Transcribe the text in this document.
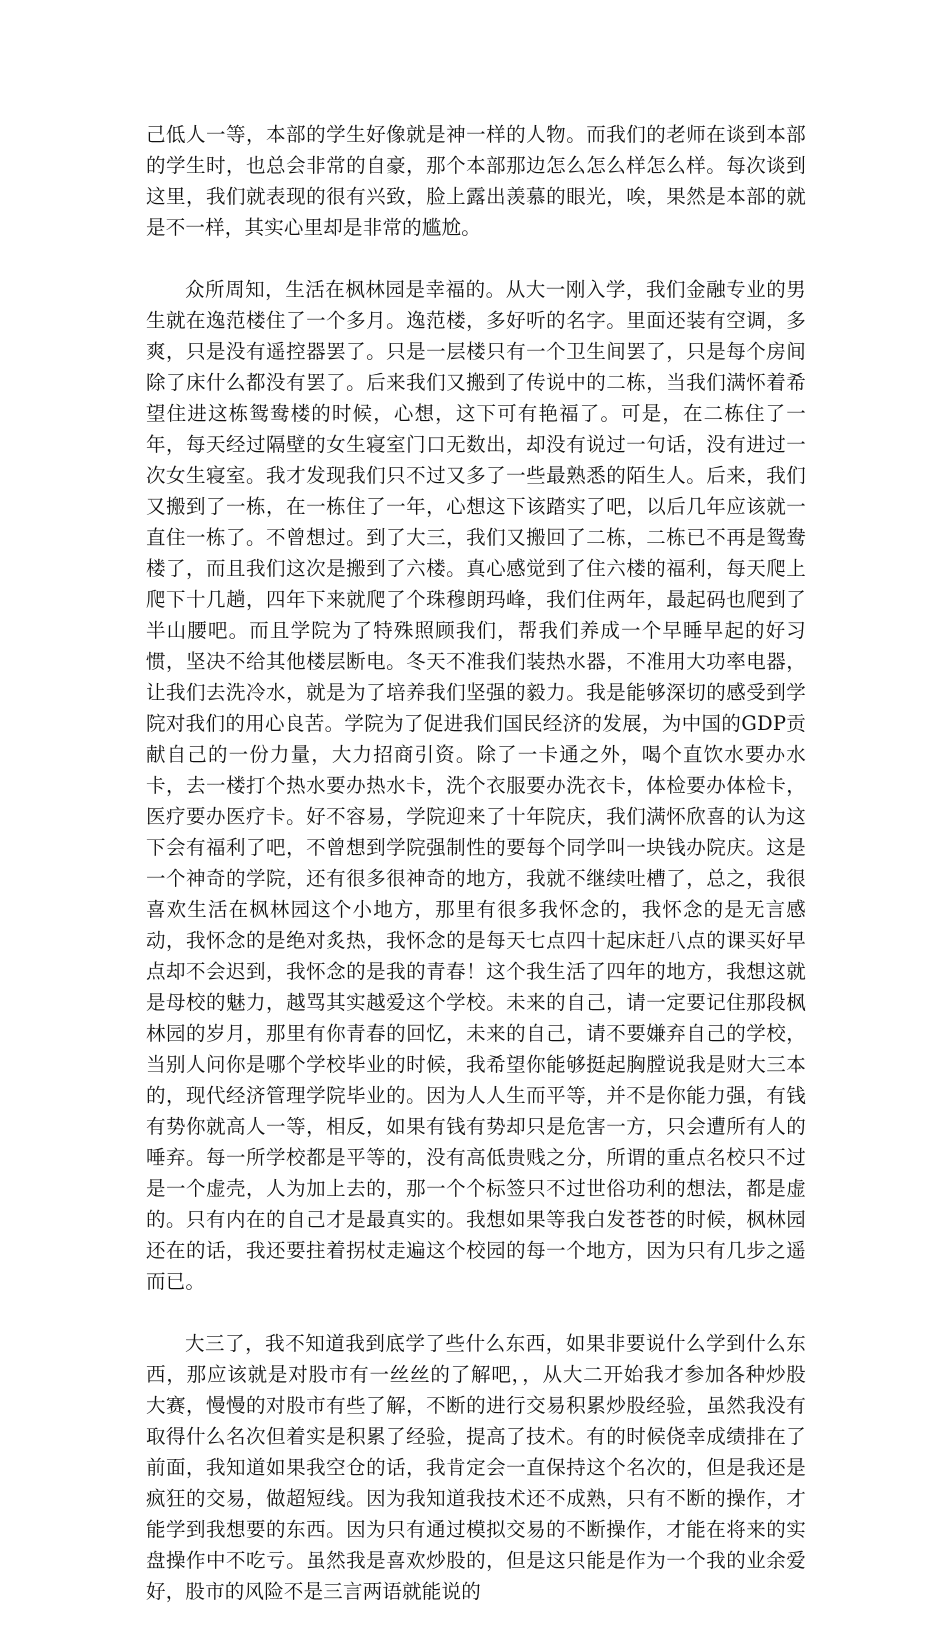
己低人一等，本部的学生好像就是神一样的人物。而我们的老师在谈到本部的学生时，也总会非常的自豪，那个本部那边怎么怎么样怎么样。每次谈到这里，我们就表现的很有兴致，脸上露出羡慕的眼光，唉，果然是本部的就是不一样，其实心里却是非常的尴尬。

众所周知，生活在枫林园是幸福的。从大一刚入学，我们金融专业的男生就在逸范楼住了一个多月。逸范楼，多好听的名字。里面还装有空调，多爽，只是没有遥控器罢了。只是一层楼只有一个卫生间罢了，只是每个房间除了床什么都没有罢了。后来我们又搬到了传说中的二栋，当我们满怀着希望住进这栋鸳鸯楼的时候，心想，这下可有艳福了。可是，在二栋住了一年，每天经过隔壁的女生寝室门口无数出，却没有说过一句话，没有进过一次女生寝室。我才发现我们只不过又多了一些最熟悉的陌生人。后来，我们又搬到了一栋，在一栋住了一年，心想这下该踏实了吧，以后几年应该就一直住一栋了。不曾想过。到了大三，我们又搬回了二栋，二栋已不再是鸳鸯楼了，而且我们这次是搬到了六楼。真心感觉到了住六楼的福利，每天爬上爬下十几趟，四年下来就爬了个珠穆朗玛峰，我们住两年，最起码也爬到了半山腰吧。而且学院为了特殊照顾我们，帮我们养成一个早睡早起的好习惯，坚决不给其他楼层断电。冬天不准我们装热水器，不准用大功率电器，让我们去洗冷水，就是为了培养我们坚强的毅力。我是能够深切的感受到学院对我们的用心良苦。学院为了促进我们国民经济的发展，为中国的GDP贡献自己的一份力量，大力招商引资。除了一卡通之外，喝个直饮水要办水卡，去一楼打个热水要办热水卡，洗个衣服要办洗衣卡，体检要办体检卡，医疗要办医疗卡。好不容易，学院迎来了十年院庆，我们满怀欣喜的认为这下会有福利了吧，不曾想到学院强制性的要每个同学叫一块钱办院庆。这是一个神奇的学院，还有很多很神奇的地方，我就不继续吐槽了，总之，我很喜欢生活在枫林园这个小地方，那里有很多我怀念的，我怀念的是无言感动，我怀念的是绝对炙热，我怀念的是每天七点四十起床赶八点的课买好早点却不会迟到，我怀念的是我的青春！这个我生活了四年的地方，我想这就是母校的魅力，越骂其实越爱这个学校。未来的自己，请一定要记住那段枫林园的岁月，那里有你青春的回忆，未来的自己，请不要嫌弃自己的学校，当别人问你是哪个学校毕业的时候，我希望你能够挺起胸膛说我是财大三本的，现代经济管理学院毕业的。因为人人生而平等，并不是你能力强，有钱有势你就高人一等，相反，如果有钱有势却只是危害一方，只会遭所有人的唾弃。每一所学校都是平等的，没有高低贵贱之分，所谓的重点名校只不过是一个虚壳，人为加上去的，那一个个标签只不过世俗功利的想法，都是虚的。只有内在的自己才是最真实的。我想如果等我白发苍苍的时候，枫林园还在的话，我还要拄着拐杖走遍这个校园的每一个地方，因为只有几步之遥而已。

大三了，我不知道我到底学了些什么东西，如果非要说什么学到什么东西，那应该就是对股市有一丝丝的了解吧，，从大二开始我才参加各种炒股大赛，慢慢的对股市有些了解，不断的进行交易积累炒股经验，虽然我没有取得什么名次但着实是积累了经验，提高了技术。有的时候侥幸成绩排在了前面，我知道如果我空仓的话，我肯定会一直保持这个名次的，但是我还是疯狂的交易，做超短线。因为我知道我技术还不成熟，只有不断的操作，才能学到我想要的东西。因为只有通过模拟交易的不断操作，才能在将来的实盘操作中不吃亏。虽然我是喜欢炒股的，但是这只能是作为一个我的业余爱好，股市的风险不是三言两语就能说的
